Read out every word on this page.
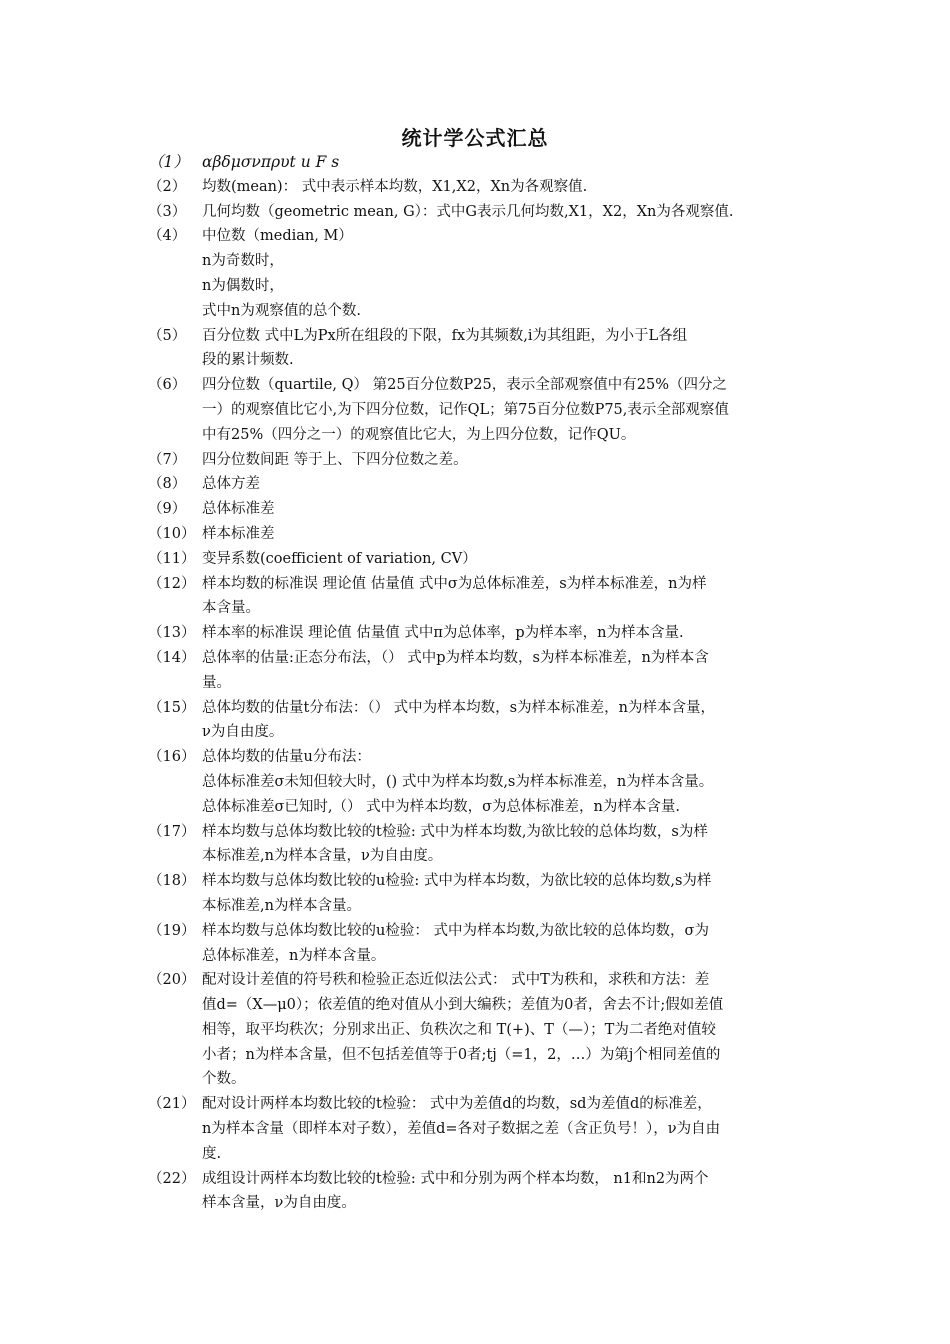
统计学公式汇总
（1） αβδμσνπρυt u F s
（2）	均数(mean)： 式中表示样本均数，X1,X2，Xn为各观察值.
（3）	几何均数（geometric mean, G）：式中G表示几何均数,X1，X2，Xn为各观察值.
（4）	中位数（median, M）
n为奇数时，
n为偶数时，
式中n为观察值的总个数.
（5）	百分位数 式中L为Px所在组段的下限，fx为其频数,i为其组距，为小于L各组
段的累计频数.
（6）	四分位数（quartile, Q） 第25百分位数P25，表示全部观察值中有25%（四分之
一）的观察值比它小,为下四分位数，记作QL；第75百分位数P75,表示全部观察值
中有25%（四分之一）的观察值比它大，为上四分位数，记作QU。
（7）	四分位数间距 等于上、下四分位数之差。
（8）	总体方差
（9）	总体标准差
（10） 样本标准差
（11） 变异系数(coefficient of variation, CV）
（12） 样本均数的标准误 理论值 估量值 式中σ为总体标准差，s为样本标准差，n为样
本含量。
（13） 样本率的标准误 理论值 估量值 式中π为总体率，p为样本率，n为样本含量.
（14） 总体率的估量:正态分布法，（） 式中p为样本均数，s为样本标准差，n为样本含
量。
（15） 总体均数的估量t分布法：（） 式中为样本均数，s为样本标准差，n为样本含量，
ν为自由度。
（16） 总体均数的估量u分布法：
总体标准差σ未知但较大时，() 式中为样本均数,s为样本标准差，n为样本含量。
总体标准差σ已知时,（） 式中为样本均数，σ为总体标准差，n为样本含量.
（17） 样本均数与总体均数比较的t检验: 式中为样本均数,为欲比较的总体均数，s为样
本标准差,n为样本含量，ν为自由度。
（18） 样本均数与总体均数比较的u检验: 式中为样本均数，为欲比较的总体均数,s为样
本标准差,n为样本含量。
（19） 样本均数与总体均数比较的u检验： 式中为样本均数,为欲比较的总体均数，σ为
总体标准差，n为样本含量。
（20） 配对设计差值的符号秩和检验正态近似法公式： 式中T为秩和，求秩和方法：差
值d=（X—μ0）；依差值的绝对值从小到大编秩；差值为0者，舍去不计;假如差值
相等，取平均秩次；分别求出正、负秩次之和 T(+)、T（—）；T为二者绝对值较
小者；n为样本含量，但不包括差值等于0者;tj（=1，2，…）为第j个相同差值的
个数。
（21） 配对设计两样本均数比较的t检验： 式中为差值d的均数，sd为差值d的标准差，
n为样本含量（即样本对子数），差值d=各对子数据之差（含正负号！），ν为自由
度.
（22） 成组设计两样本均数比较的t检验: 式中和分别为两个样本均数， n1和n2为两个
样本含量，ν为自由度。
